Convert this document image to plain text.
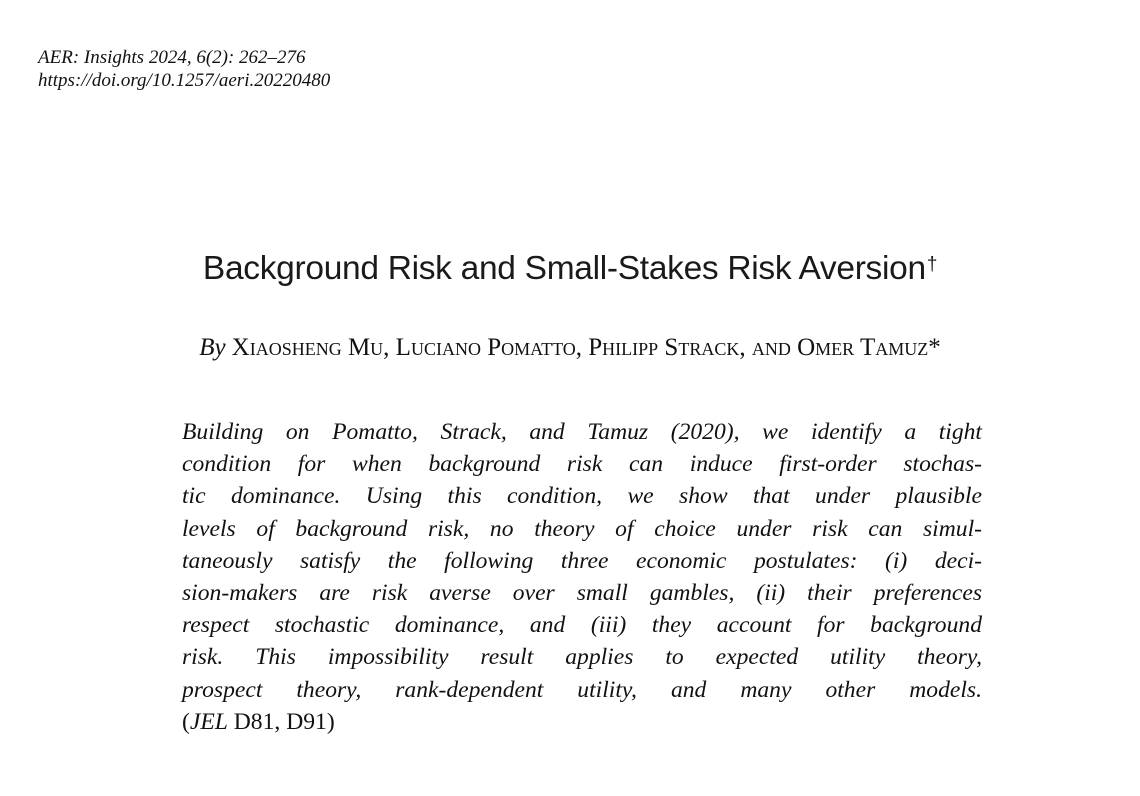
AER: Insights 2024, 6(2): 262–276
https://doi.org/10.1257/aeri.20220480
Background Risk and Small-Stakes Risk Aversion†
By Xiaosheng Mu, Luciano Pomatto, Philipp Strack, and Omer Tamuz*
Building on Pomatto, Strack, and Tamuz (2020), we identify a tight
condition for when background risk can induce first-order stochas-
tic dominance. Using this condition, we show that under plausible
levels of background risk, no theory of choice under risk can simul-
taneously satisfy the following three economic postulates: (i) deci-
sion-makers are risk averse over small gambles, (ii) their preferences
respect stochastic dominance, and (iii) they account for background
risk. This impossibility result applies to expected utility theory,
prospect theory, rank-dependent utility, and many other models.
(JEL D81, D91)
